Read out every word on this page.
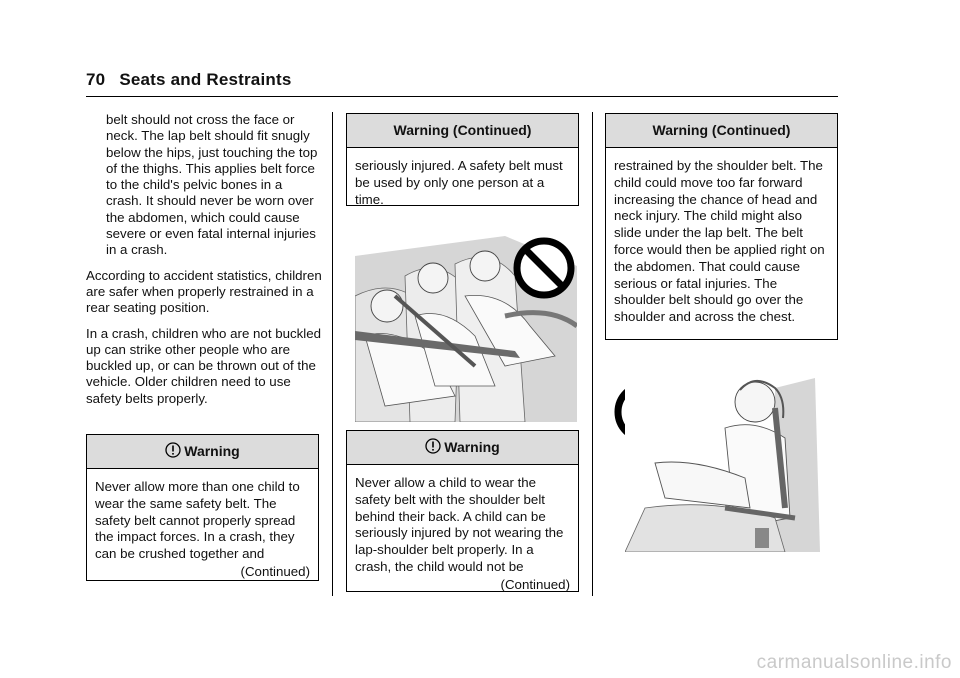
70 Seats and Restraints

belt should not cross the face or neck. The lap belt should fit snugly below the hips, just touching the top of the thighs. This applies belt force to the child's pelvic bones in a crash. It should never be worn over the abdomen, which could cause severe or even fatal internal injuries in a crash.

According to accident statistics, children are safer when properly restrained in a rear seating position.

In a crash, children who are not buckled up can strike other people who are buckled up, or can be thrown out of the vehicle. Older children need to use safety belts properly.

Warning
Never allow more than one child to wear the same safety belt. The safety belt cannot properly spread the impact forces. In a crash, they can be crushed together and
(Continued)
Warning (Continued)
seriously injured. A safety belt must be used by only one person at a time.
Warning
Never allow a child to wear the safety belt with the shoulder belt behind their back. A child can be seriously injured by not wearing the lap-shoulder belt properly. In a crash, the child would not be
(Continued)
Warning (Continued)
restrained by the shoulder belt. The child could move too far forward increasing the chance of head and neck injury. The child might also slide under the lap belt. The belt force would then be applied right on the abdomen. That could cause serious or fatal injuries. The shoulder belt should go over the shoulder and across the chest.
carmanualsonline.info
